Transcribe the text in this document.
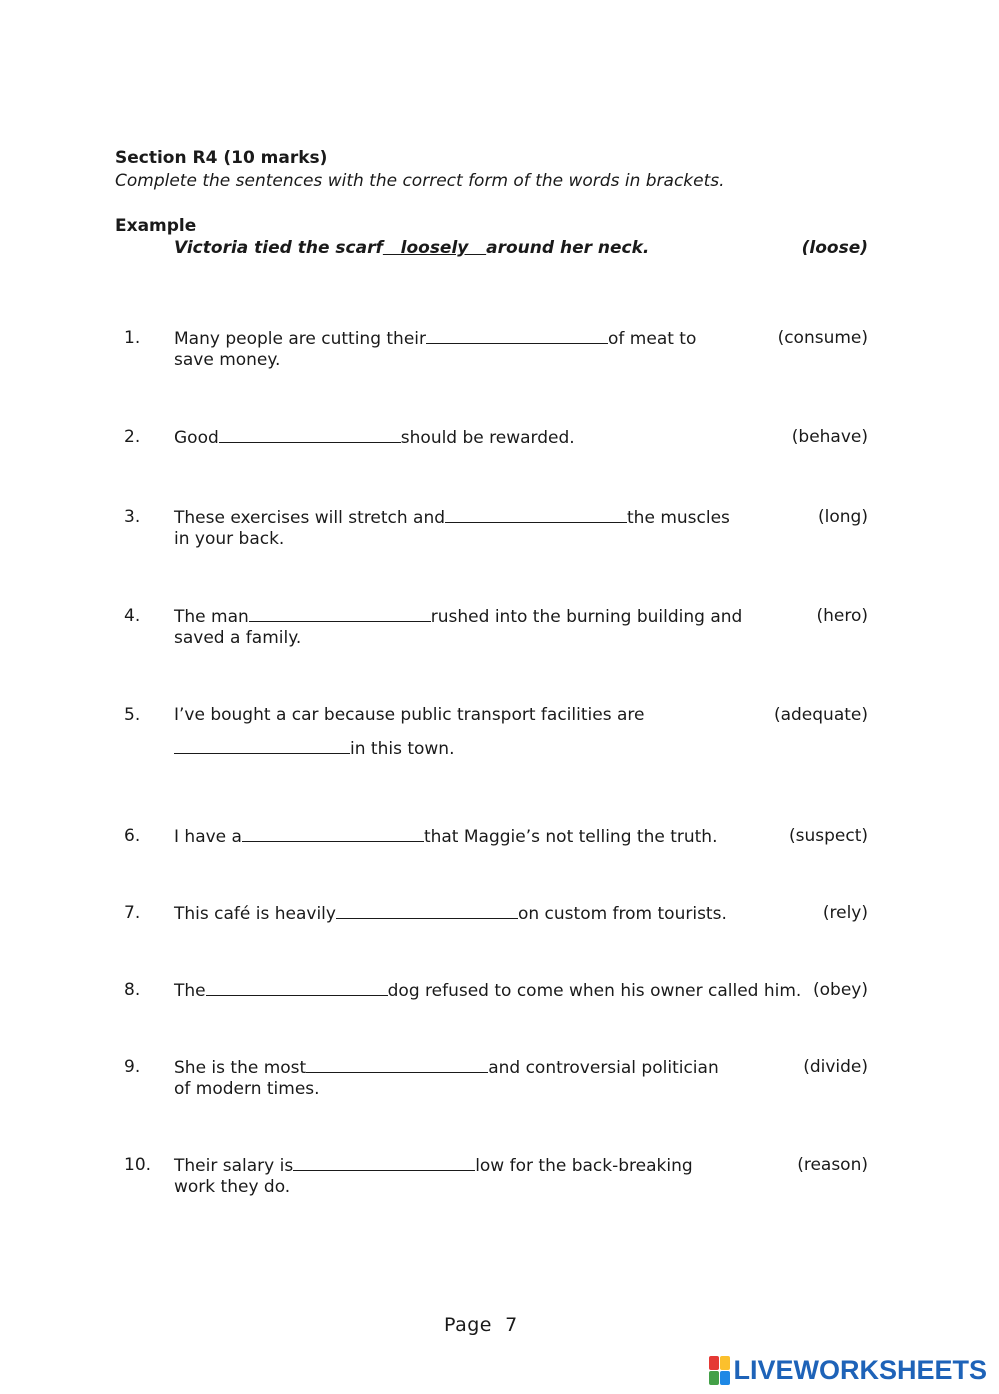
Section R4 (10 marks)
Complete the sentences with the correct form of the words in brackets.
Example
Victoria tied the scarf   loosely   around her neck.	(loose)
1. Many people are cutting their	of meat to
save money.
(consume)
2. Good	should be rewarded.	(behave)
3. These exercises will stretch and	the muscles
in your back.
(long)
4. The man	rushed into the burning building and
saved a family.
(hero)
5. I’ve bought a car because public transport facilities are
in this town.
(adequate)
6. I have a	that Maggie’s not telling the truth.	(suspect)
7. This café is heavily	on custom from tourists.	(rely)
8. The	dog refused to come when his owner called him. (obey)
9. She is the most	and controversial politician
of modern times.
(divide)
10. Their salary is	low for the back-breaking
work they do.
(reason)
Page  7
LIVEWORKSHEETS
